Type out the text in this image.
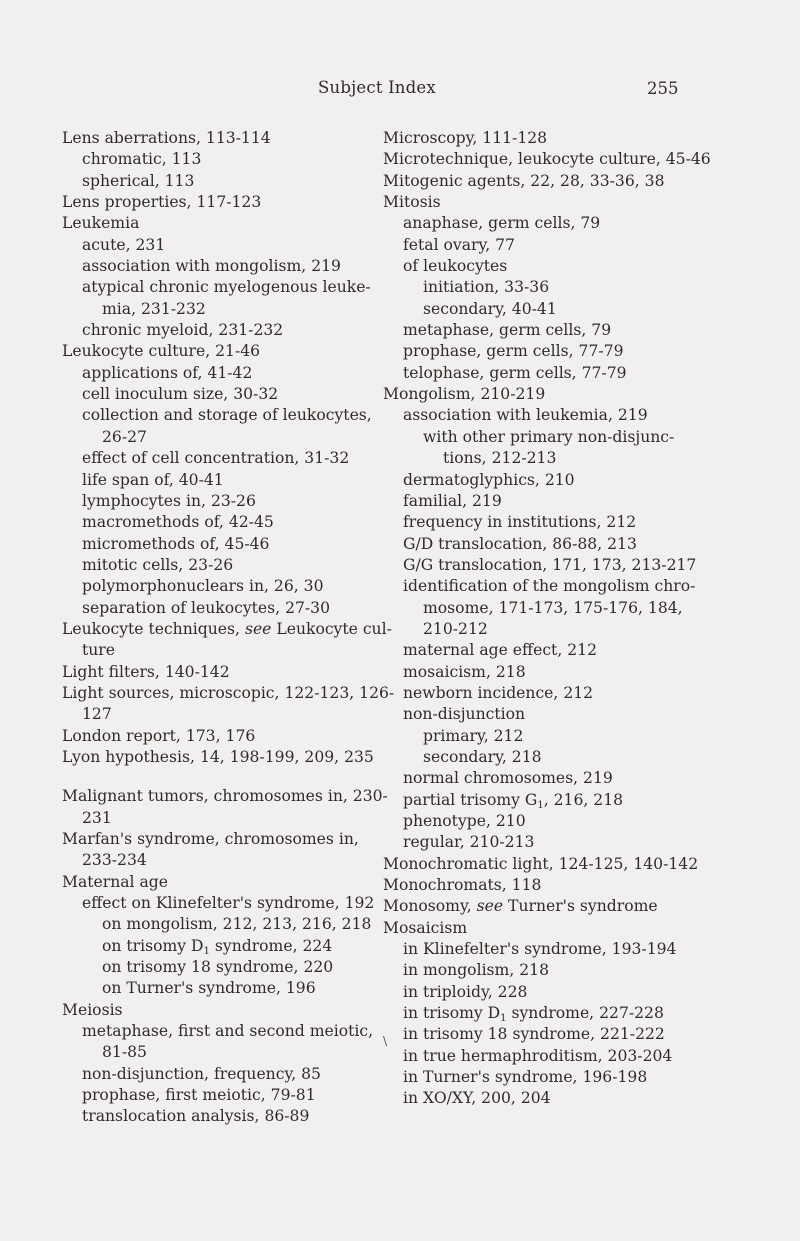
Subject Index	255
Lens aberrations, 113-114
chromatic, 113
spherical, 113
Lens properties, 117-123
Leukemia
acute, 231
association with mongolism, 219
atypical chronic myelogenous leuke-
mia, 231-232
chronic myeloid, 231-232
Leukocyte culture, 21-46
applications of, 41-42
cell inoculum size, 30-32
collection and storage of leukocytes,
26-27
effect of cell concentration, 31-32
life span of, 40-41
lymphocytes in, 23-26
macromethods of, 42-45
micromethods of, 45-46
mitotic cells, 23-26
polymorphonuclears in, 26, 30
separation of leukocytes, 27-30
Leukocyte techniques, see Leukocyte cul-
ture
Light filters, 140-142
Light sources, microscopic, 122-123, 126-
127
London report, 173, 176
Lyon hypothesis, 14, 198-199, 209, 235
Malignant tumors, chromosomes in, 230-
231
Marfan's syndrome, chromosomes in,
233-234
Maternal age
effect on Klinefelter's syndrome, 192
on mongolism, 212, 213, 216, 218
on trisomy $D_1$ syndrome, 224
on trisomy 18 syndrome, 220
on Turner's syndrome, 196
Meiosis
metaphase, first and second meiotic,
81-85
non-disjunction, frequency, 85
prophase, first meiotic, 79-81
translocation analysis, 86-89
Microscopy, 111-128
Microtechnique, leukocyte culture, 45-46
Mitogenic agents, 22, 28, 33-36, 38
Mitosis
anaphase, germ cells, 79
fetal ovary, 77
of leukocytes
initiation, 33-36
secondary, 40-41
metaphase, germ cells, 79
prophase, germ cells, 77-79
telophase, germ cells, 77-79
Mongolism, 210-219
association with leukemia, 219
with other primary non-disjunc-
tions, 212-213
dermatoglyphics, 210
familial, 219
frequency in institutions, 212
G/D translocation, 86-88, 213
G/G translocation, 171, 173, 213-217
identification of the mongolism chro-
mosome, 171-173, 175-176, 184,
210-212
maternal age effect, 212
mosaicism, 218
newborn incidence, 212
non-disjunction
primary, 212
secondary, 218
normal chromosomes, 219
partial trisomy $G_1$, 216, 218
phenotype, 210
regular, 210-213
Monochromatic light, 124-125, 140-142
Monochromats, 118
Monosomy, see Turner's syndrome
Mosaicism
in Klinefelter's syndrome, 193-194
in mongolism, 218
in triploidy, 228
in trisomy $D_1$ syndrome, 227-228
in trisomy 18 syndrome, 221-222
in true hermaphroditism, 203-204
in Turner's syndrome, 196-198
in XO/XY, 200, 204
\
